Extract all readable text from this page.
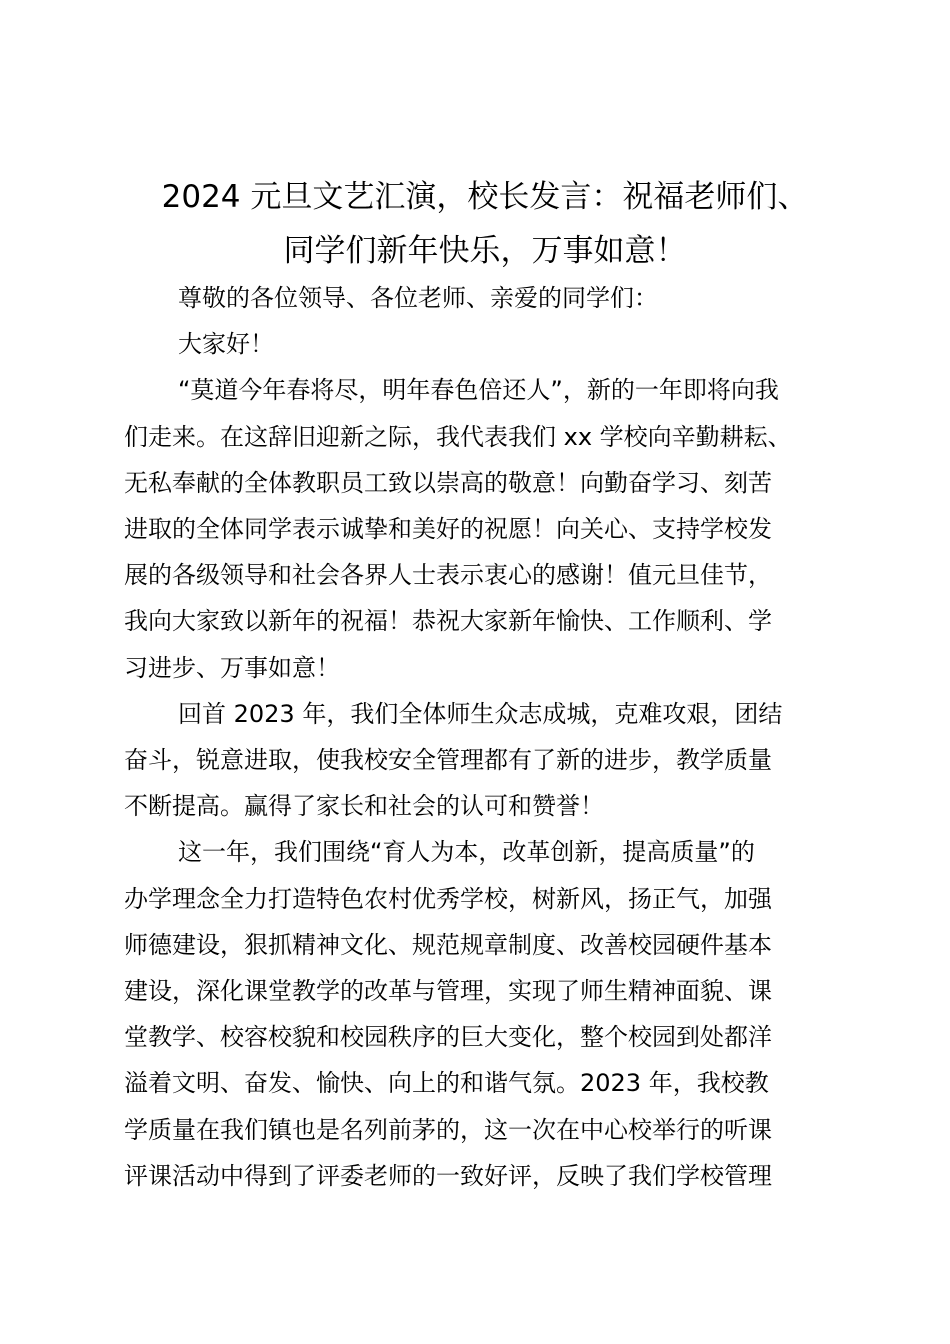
2024 元旦文艺汇演，校长发言：祝福老师们、
同学们新年快乐，万事如意！
尊敬的各位领导、各位老师、亲爱的同学们：
大家好！
“莫道今年春将尽，明年春色倍还人”，新的一年即将向我
们走来。在这辞旧迎新之际，我代表我们 xx 学校向辛勤耕耘、
无私奉献的全体教职员工致以崇高的敬意！向勤奋学习、刻苦
进取的全体同学表示诚挚和美好的祝愿！向关心、支持学校发
展的各级领导和社会各界人士表示衷心的感谢！值元旦佳节，
我向大家致以新年的祝福！恭祝大家新年愉快、工作顺利、学
习进步、万事如意！
回首 2023 年，我们全体师生众志成城，克难攻艰，团结
奋斗，锐意进取，使我校安全管理都有了新的进步，教学质量
不断提高。赢得了家长和社会的认可和赞誉！
这一年，我们围绕“育人为本，改革创新，提高质量”的
办学理念全力打造特色农村优秀学校，树新风，扬正气，加强
师德建设，狠抓精神文化、规范规章制度、改善校园硬件基本
建设，深化课堂教学的改革与管理，实现了师生精神面貌、课
堂教学、校容校貌和校园秩序的巨大变化，整个校园到处都洋
溢着文明、奋发、愉快、向上的和谐气氛。2023 年，我校教
学质量在我们镇也是名列前茅的，这一次在中心校举行的听课
评课活动中得到了评委老师的一致好评，反映了我们学校管理
